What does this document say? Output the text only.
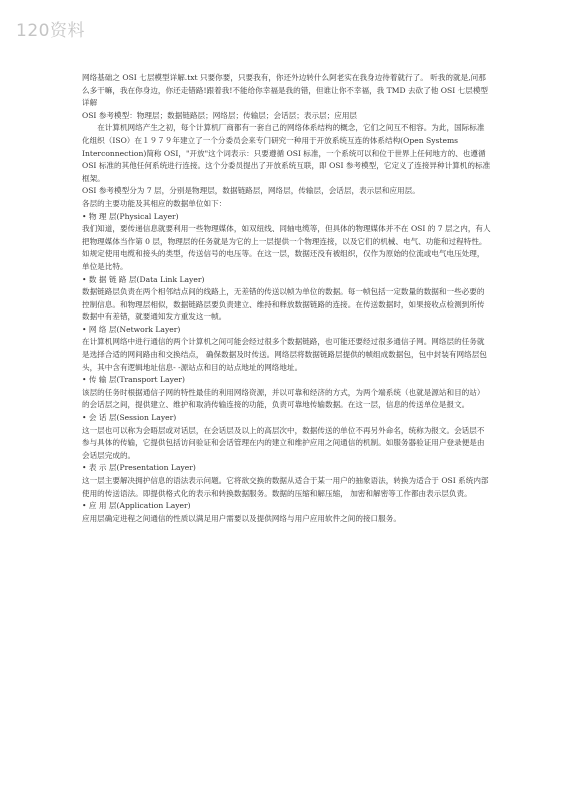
120资料

网络基础之 OSI 七层模型详解.txt 只要你要，只要我有，你还外边转什么阿老实在我身边待着就行了。 听我的就是,问那么多干嘛，我在你身边，你还走错路!跟着我!不能给你幸福是我的错，但谁让你不幸福，我 TMD 去砍了他 OSI 七层模型详解

OSI 参考模型：物理层；数据链路层；网络层；传输层；会话层；表示层；应用层

在计算机网络产生之初，每个计算机厂商都有一套自己的网络体系结构的概念，它们之间互不相容。为此，国际标准化组织（ISO）在１９７９年建立了一个分委员会来专门研究一种用于开放系统互连的体系结构(Open Systems Interconnection)简称 OSI，"开放"这个词表示：只要遵循 OSI 标准，一个系统可以和位于世界上任何地方的、也遵循 OSI 标准的其他任何系统进行连接。这个分委员提出了开放系统互联，即 OSI 参考模型，它定义了连接异种计算机的标准框架。

OSI 参考模型分为 7 层，分别是物理层，数据链路层，网络层，传输层，会话层，表示层和应用层。

各层的主要功能及其相应的数据单位如下：

• 物 理 层(Physical Layer)

我们知道，要传递信息就要利用一些物理媒体，如双纽线、同轴电缆等，但具体的物理媒体并不在 OSI 的 7 层之内，有人把物理媒体当作第 0 层，物理层的任务就是为它的上一层提供一个物理连接，以及它们的机械、电气、功能和过程特性。如规定使用电缆和接头的类型，传送信号的电压等。在这一层，数据还没有被组织，仅作为原始的位流或电气电压处理，单位是比特。

• 数 据 链 路 层(Data Link Layer)

数据链路层负责在两个相邻结点间的线路上，无差错的传送以帧为单位的数据。每一帧包括一定数量的数据和一些必要的控制信息。和物理层相似，数据链路层要负责建立、维持和释放数据链路的连接。在传送数据时，如果接收点检测到所传数据中有差错，就要通知发方重发这一帧。

• 网 络 层(Network Layer)

在计算机网络中进行通信的两个计算机之间可能会经过很多个数据链路，也可能还要经过很多通信子网。网络层的任务就是选择合适的网间路由和交换结点， 确保数据及时传送。网络层将数据链路层提供的帧组成数据包，包中封装有网络层包头，其中含有逻辑地址信息- -源站点和目的站点地址的网络地址。

• 传 输 层(Transport Layer)

该层的任务时根据通信子网的特性最佳的利用网络资源，并以可靠和经济的方式，为两个端系统（也就是源站和目的站）的会话层之间，提供建立、维护和取消传输连接的功能，负责可靠地传输数据。在这一层，信息的传送单位是报文。

• 会 话 层(Session Layer)

这一层也可以称为会晤层或对话层，在会话层及以上的高层次中，数据传送的单位不再另外命名，统称为报文。会话层不参与具体的传输，它提供包括访问验证和会话管理在内的建立和维护应用之间通信的机制。如服务器验证用户登录便是由会话层完成的。

• 表 示 层(Presentation Layer)

这一层主要解决拥护信息的语法表示问题。它将欲交换的数据从适合于某一用户的抽象语法，转换为适合于 OSI 系统内部使用的传送语法。即提供格式化的表示和转换数据服务。数据的压缩和解压缩， 加密和解密等工作都由表示层负责。

• 应 用 层(Application Layer)

应用层确定进程之间通信的性质以满足用户需要以及提供网络与用户应用软件之间的接口服务。
